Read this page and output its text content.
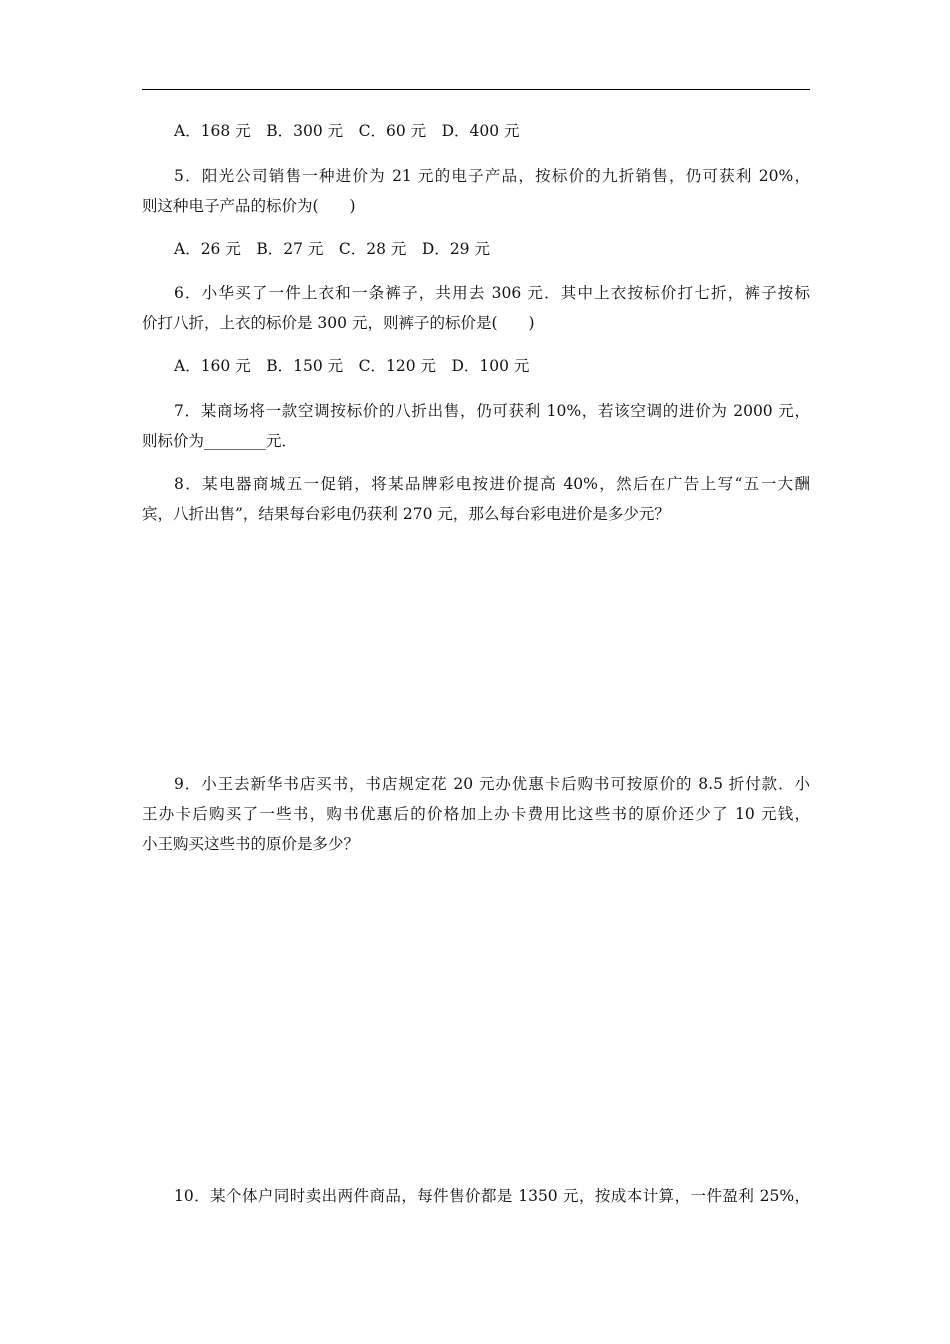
A．168 元　B．300 元　C．60 元　D．400 元
5．阳光公司销售一种进价为 21 元的电子产品，按标价的九折销售，仍可获利 20%，
则这种电子产品的标价为(　　)
A．26 元　B．27 元　C．28 元　D．29 元
6．小华买了一件上衣和一条裤子，共用去 306 元．其中上衣按标价打七折，裤子按标
价打八折，上衣的标价是 300 元，则裤子的标价是(　　)
A．160 元　B．150 元　C．120 元　D．100 元
7．某商场将一款空调按标价的八折出售，仍可获利 10%，若该空调的进价为 2000 元，
则标价为________元．
8．某电器商城五一促销，将某品牌彩电按进价提高 40%，然后在广告上写“五一大酬
宾，八折出售”，结果每台彩电仍获利 270 元，那么每台彩电进价是多少元？
9．小王去新华书店买书，书店规定花 20 元办优惠卡后购书可按原价的 8.5 折付款．小
王办卡后购买了一些书，购书优惠后的价格加上办卡费用比这些书的原价还少了 10 元钱，
小王购买这些书的原价是多少？
10．某个体户同时卖出两件商品，每件售价都是 1350 元，按成本计算，一件盈利 25%，
